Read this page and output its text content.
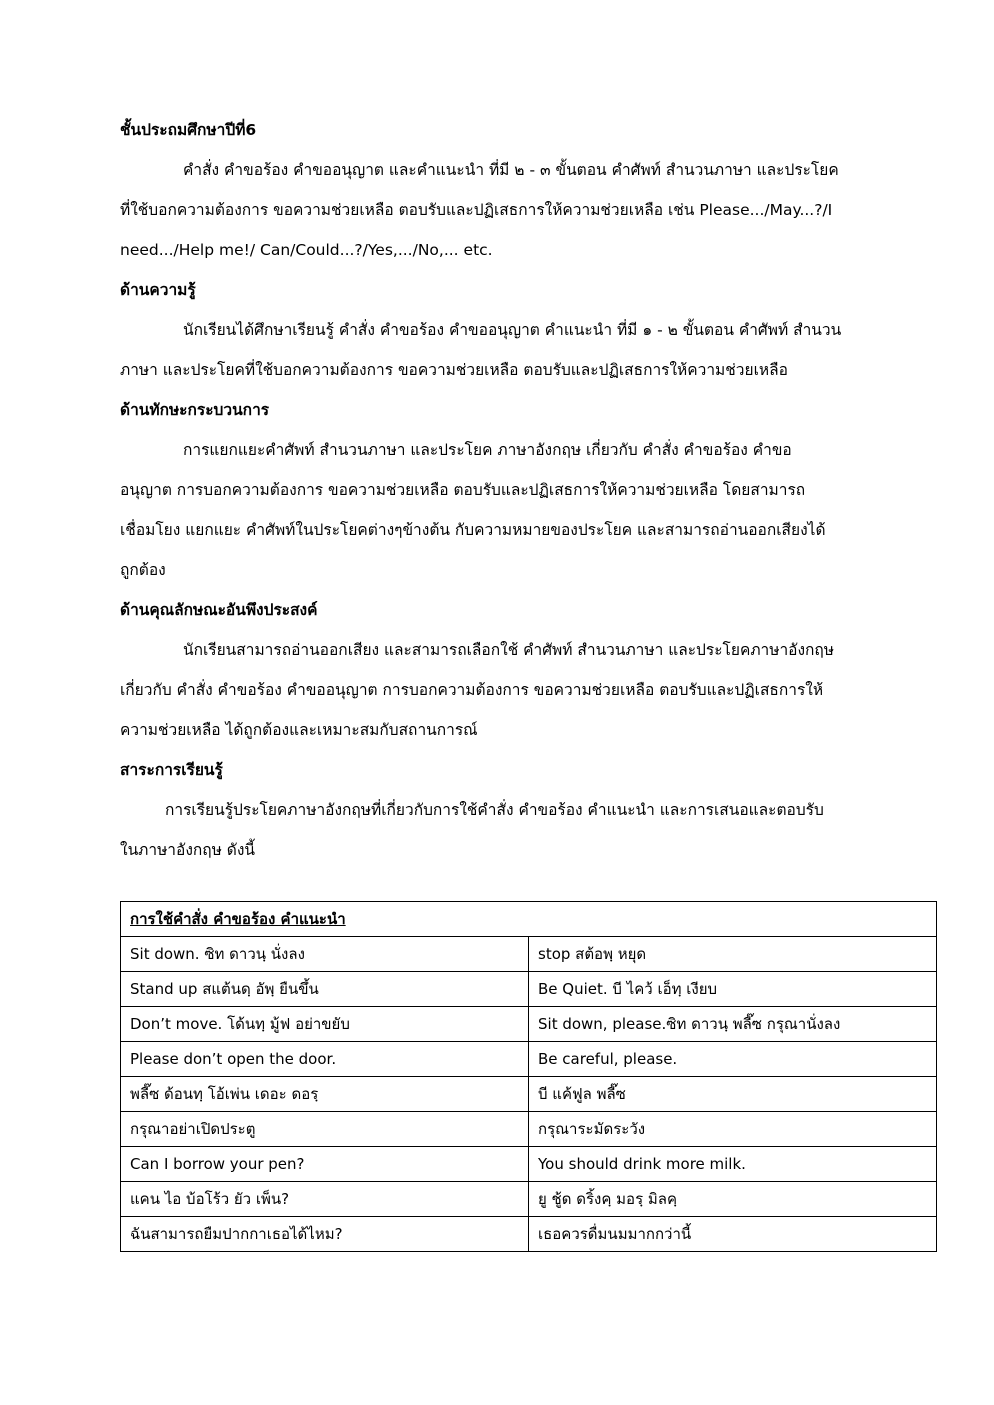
ชั้นประถมศึกษาปีที่6
คำสั่ง คำขอร้อง คำขออนุญาต และคำแนะนำ ที่มี ๒ - ๓ ขั้นตอน คำศัพท์ สำนวนภาษา และประโยค
ที่ใช้บอกความต้องการ ขอความช่วยเหลือ ตอบรับและปฏิเสธการให้ความช่วยเหลือ เช่น Please.../May...?/I
need.../Help me!/ Can/Could...?/Yes,.../No,... etc.
ด้านความรู้
นักเรียนได้ศึกษาเรียนรู้ คำสั่ง คำขอร้อง คำขออนุญาต คำแนะนำ ที่มี ๑ - ๒ ขั้นตอน คำศัพท์ สำนวน
ภาษา และประโยคที่ใช้บอกความต้องการ ขอความช่วยเหลือ ตอบรับและปฏิเสธการให้ความช่วยเหลือ
ด้านทักษะกระบวนการ
การแยกแยะคำศัพท์ สำนวนภาษา และประโยค ภาษาอังกฤษ เกี่ยวกับ คำสั่ง คำขอร้อง คำขอ
อนุญาต การบอกความต้องการ ขอความช่วยเหลือ ตอบรับและปฏิเสธการให้ความช่วยเหลือ โดยสามารถ
เชื่อมโยง แยกแยะ คำศัพท์ในประโยคต่างๆข้างต้น กับความหมายของประโยค และสามารถอ่านออกเสียงได้
ถูกต้อง
ด้านคุณลักษณะอันพึงประสงค์
นักเรียนสามารถอ่านออกเสียง และสามารถเลือกใช้ คำศัพท์ สำนวนภาษา และประโยคภาษาอังกฤษ
เกี่ยวกับ คำสั่ง คำขอร้อง คำขออนุญาต การบอกความต้องการ ขอความช่วยเหลือ ตอบรับและปฏิเสธการให้
ความช่วยเหลือ ได้ถูกต้องและเหมาะสมกับสถานการณ์
สาระการเรียนรู้
การเรียนรู้ประโยคภาษาอังกฤษที่เกี่ยวกับการใช้คำสั่ง คำขอร้อง คำแนะนำ และการเสนอและตอบรับ
ในภาษาอังกฤษ ดังนี้
การใช้คำสั่ง คำขอร้อง คำแนะนำ	
Sit down. ซิท ดาวนฺ นั่งลง	stop สต้อพฺ หยุด
Stand up สแต้นดฺ อัพฺ ยืนขึ้น	Be Quiet. บี ไคว้ เอ็ทฺ เงียบ
Don’t move. โด้นทฺ มู้ฟ อย่าขยับ	Sit down, please.ซิท ดาวนฺ พลี๊ซ กรุณานั่งลง
Please don’t open the door.	Be careful, please.
พลี๊ซ ด้อนทฺ โอ้เพ่น เดอะ ดอรฺ	บี แค้ฟูล พลี๊ซ
กรุณาอย่าเปิดประตู	กรุณาระมัดระวัง
Can I borrow your pen?	You should drink more milk.
แคน ไอ บ้อโร้ว ยัว เพ็น?	ยู ชู้ด ดริ้งคฺ มอรฺ มิลคฺ
ฉันสามารถยืมปากกาเธอได้ไหม?	เธอควรดื่มนมมากกว่านี้
